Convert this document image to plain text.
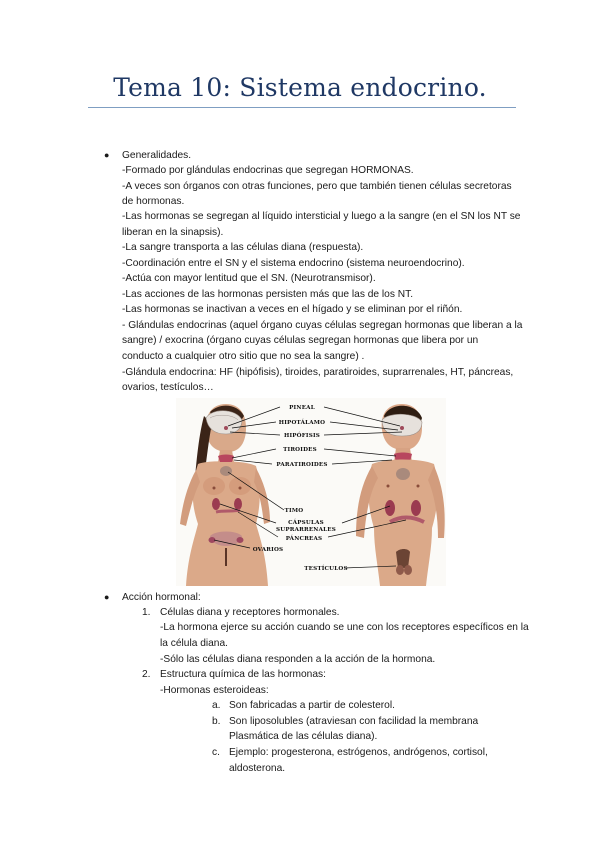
Tema 10: Sistema endocrino.
● Generalidades.
-Formado por glándulas endocrinas que segregan HORMONAS.
-A veces son órganos con otras funciones, pero que también tienen células secretoras
de hormonas.
-Las hormonas se segregan al líquido intersticial y luego a la sangre (en el SN los NT se
liberan en la sinapsis).
-La sangre transporta a las células diana (respuesta).
-Coordinación entre el SN y el sistema endocrino (sistema neuroendocrino).
-Actúa con mayor lentitud que el SN. (Neurotransmisor).
-Las acciones de las hormonas persisten más que las de los NT.
-Las hormonas se inactivan a veces en el hígado y se eliminan por el riñón.
- Glándulas endocrinas (aquel órgano cuyas células segregan hormonas que liberan a la
sangre) / exocrina (órgano cuyas células segregan hormonas que libera por un
conducto a cualquier otro sitio que no sea la sangre) .
-Glándula endocrina: HF (hipófisis), tiroides, paratiroides, suprarrenales, HT, páncreas,
ovarios, testículos…
PINEAL
HIPOTÁLAMO
HIPÓFISIS
TIROIDES
PARATIROIDES
TIMO
CÁPSULAS
SUPRARRENALES
PÁNCREAS
OVARIOS
TESTÍCULOS
● Acción hormonal:
1. Células diana y receptores hormonales.
-La hormona ejerce su acción cuando se une con los receptores específicos en la
la célula diana.
-Sólo las células diana responden a la acción de la hormona.
2. Estructura química de las hormonas:
-Hormonas esteroideas:
a. Son fabricadas a partir de colesterol.
b. Son liposolubles (atraviesan con facilidad la membrana
Plasmática de las células diana).
c. Ejemplo: progesterona, estrógenos, andrógenos, cortisol,
aldosterona.
